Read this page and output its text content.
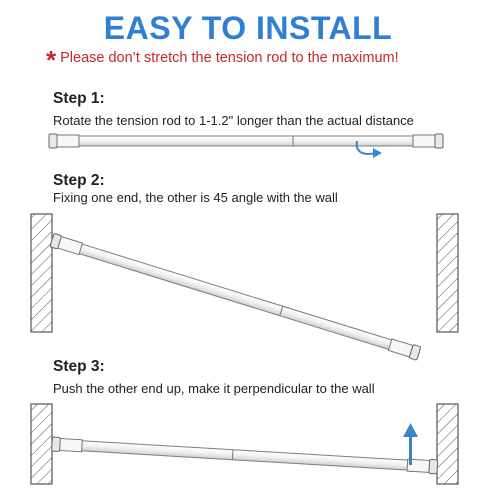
EASY TO INSTALL
* Please don’t stretch the tension rod to the maximum!
Step 1:
Rotate the tension rod to 1-1.2" longer than the actual distance
Step 2:
Fixing one end, the other is 45 angle with the wall
Step 3:
Push the other end up, make it perpendicular to the wall
